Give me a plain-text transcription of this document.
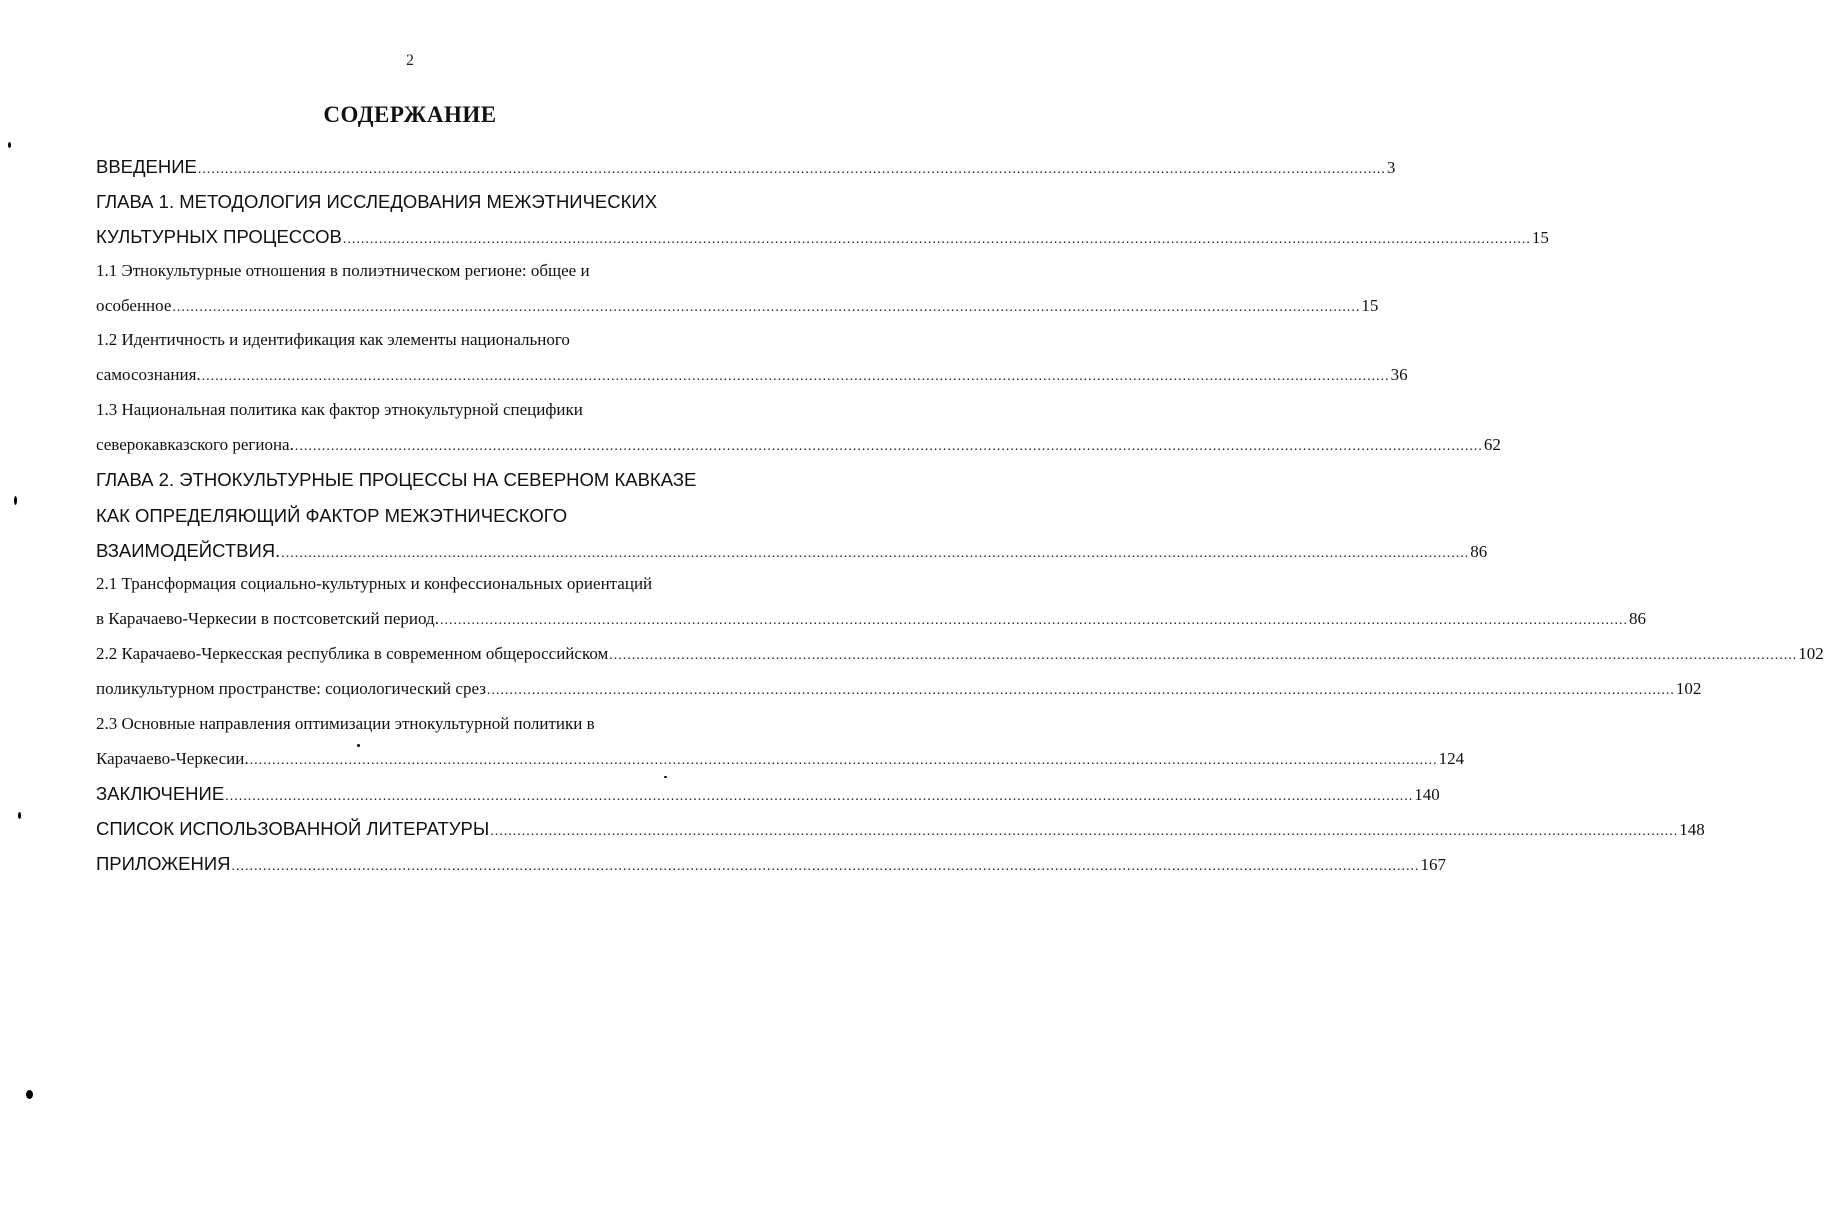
2
СОДЕРЖАНИЕ
ВВЕДЕНИЕ .....	3
ГЛАВА 1. МЕТОДОЛОГИЯ ИССЛЕДОВАНИЯ МЕЖЭТНИЧЕСКИХ
КУЛЬТУРНЫХ ПРОЦЕССОВ .....	15
1.1 Этнокультурные отношения в полиэтническом регионе: общее и
особенное .....	15
1.2 Идентичность и идентификация как элементы национального
самосознания. .....	36
1.3 Национальная политика как фактор этнокультурной специфики
северокавказского региона. .....	62
ГЛАВА 2. ЭТНОКУЛЬТУРНЫЕ ПРОЦЕССЫ НА СЕВЕРНОМ КАВКАЗЕ
КАК ОПРЕДЕЛЯЮЩИЙ ФАКТОР МЕЖЭТНИЧЕСКОГО
ВЗАИМОДЕЙСТВИЯ. .....	86
2.1 Трансформация социально-культурных и конфессиональных ориентаций
в Карачаево-Черкесии в постсоветский период. .....	86
2.2 Карачаево-Черкесская республика в современном общероссийском .....	102
поликультурном пространстве: социологический срез .....	102
2.3 Основные направления оптимизации этнокультурной политики в
Карачаево-Черкесии. .....	124
ЗАКЛЮЧЕНИЕ .....	140
СПИСОК ИСПОЛЬЗОВАННОЙ ЛИТЕРАТУРЫ .....	148
ПРИЛОЖЕНИЯ .....	167
